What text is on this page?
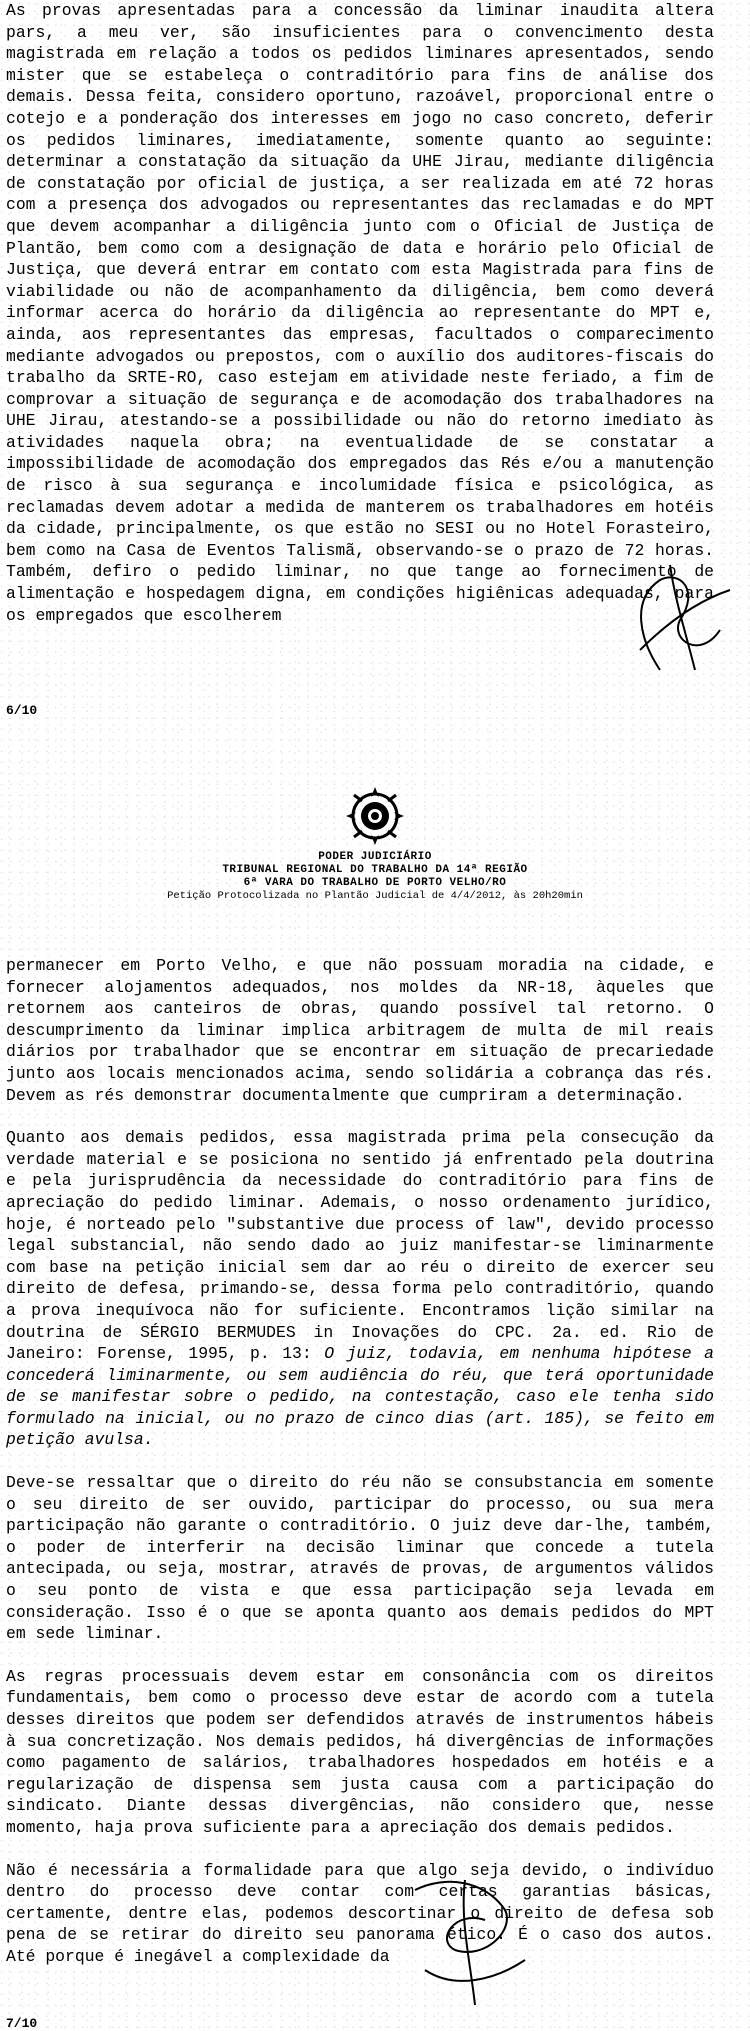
As provas apresentadas para a concessão da liminar inaudita altera pars, a meu ver, são insuficientes para o convencimento desta magistrada em relação a todos os pedidos liminares apresentados, sendo mister que se estabeleça o contraditório para fins de análise dos demais. Dessa feita, considero oportuno, razoável, proporcional entre o cotejo e a ponderação dos interesses em jogo no caso concreto, deferir os pedidos liminares, imediatamente, somente quanto ao seguinte: determinar a constatação da situação da UHE Jirau, mediante diligência de constatação por oficial de justiça, a ser realizada em até 72 horas com a presença dos advogados ou representantes das reclamadas e do MPT que devem acompanhar a diligência junto com o Oficial de Justiça de Plantão, bem como com a designação de data e horário pelo Oficial de Justiça, que deverá entrar em contato com esta Magistrada para fins de viabilidade ou não de acompanhamento da diligência, bem como deverá informar acerca do horário da diligência ao representante do MPT e, ainda, aos representantes das empresas, facultados o comparecimento mediante advogados ou prepostos, com o auxílio dos auditores-fiscais do trabalho da SRTE-RO, caso estejam em atividade neste feriado, a fim de comprovar a situação de segurança e de acomodação dos trabalhadores na UHE Jirau, atestando-se a possibilidade ou não do retorno imediato às atividades naquela obra; na eventualidade de se constatar a impossibilidade de acomodação dos empregados das Rés e/ou a manutenção de risco à sua segurança e incolumidade física e psicológica, as reclamadas devem adotar a medida de manterem os trabalhadores em hotéis da cidade, principalmente, os que estão no SESI ou no Hotel Forasteiro, bem como na Casa de Eventos Talismã, observando-se o prazo de 72 horas. Também, defiro o pedido liminar, no que tange ao fornecimento de alimentação e hospedagem digna, em condições higiênicas adequadas, para os empregados que escolherem

6/10
PODER JUDICIÁRIO
TRIBUNAL REGIONAL DO TRABALHO DA 14ª REGIÃO
6ª VARA DO TRABALHO DE PORTO VELHO/RO
Petição Protocolizada no Plantão Judicial de 4/4/2012, às 20h20min

permanecer em Porto Velho, e que não possuam moradia na cidade, e fornecer alojamentos adequados, nos moldes da NR-18, àqueles que retornem aos canteiros de obras, quando possível tal retorno. O descumprimento da liminar implica arbitragem de multa de mil reais diários por trabalhador que se encontrar em situação de precariedade junto aos locais mencionados acima, sendo solidária a cobrança das rés. Devem as rés demonstrar documentalmente que cumpriram a determinação.

Quanto aos demais pedidos, essa magistrada prima pela consecução da verdade material e se posiciona no sentido já enfrentado pela doutrina e pela jurisprudência da necessidade do contraditório para fins de apreciação do pedido liminar. Ademais, o nosso ordenamento jurídico, hoje, é norteado pelo "substantive due process of law", devido processo legal substancial, não sendo dado ao juiz manifestar-se liminarmente com base na petição inicial sem dar ao réu o direito de exercer seu direito de defesa, primando-se, dessa forma pelo contraditório, quando a prova inequívoca não for suficiente. Encontramos lição similar na doutrina de SÉRGIO BERMUDES in Inovações do CPC. 2a. ed. Rio de Janeiro: Forense, 1995, p. 13: O juiz, todavia, em nenhuma hipótese a concederá liminarmente, ou sem audiência do réu, que terá oportunidade de se manifestar sobre o pedido, na contestação, caso ele tenha sido formulado na inicial, ou no prazo de cinco dias (art. 185), se feito em petição avulsa.

Deve-se ressaltar que o direito do réu não se consubstancia em somente o seu direito de ser ouvido, participar do processo, ou sua mera participação não garante o contraditório. O juiz deve dar-lhe, também, o poder de interferir na decisão liminar que concede a tutela antecipada, ou seja, mostrar, através de provas, de argumentos válidos o seu ponto de vista e que essa participação seja levada em consideração. Isso é o que se aponta quanto aos demais pedidos do MPT em sede liminar.

As regras processuais devem estar em consonância com os direitos fundamentais, bem como o processo deve estar de acordo com a tutela desses direitos que podem ser defendidos através de instrumentos hábeis à sua concretização. Nos demais pedidos, há divergências de informações como pagamento de salários, trabalhadores hospedados em hotéis e a regularização de dispensa sem justa causa com a participação do sindicato. Diante dessas divergências, não considero que, nesse momento, haja prova suficiente para a apreciação dos demais pedidos.

Não é necessária a formalidade para que algo seja devido, o indivíduo dentro do processo deve contar com certas garantias básicas, certamente, dentre elas, podemos descortinar o direito de defesa sob pena de se retirar do direito seu panorama ético. É o caso dos autos. Até porque é inegável a complexidade da

7/10
